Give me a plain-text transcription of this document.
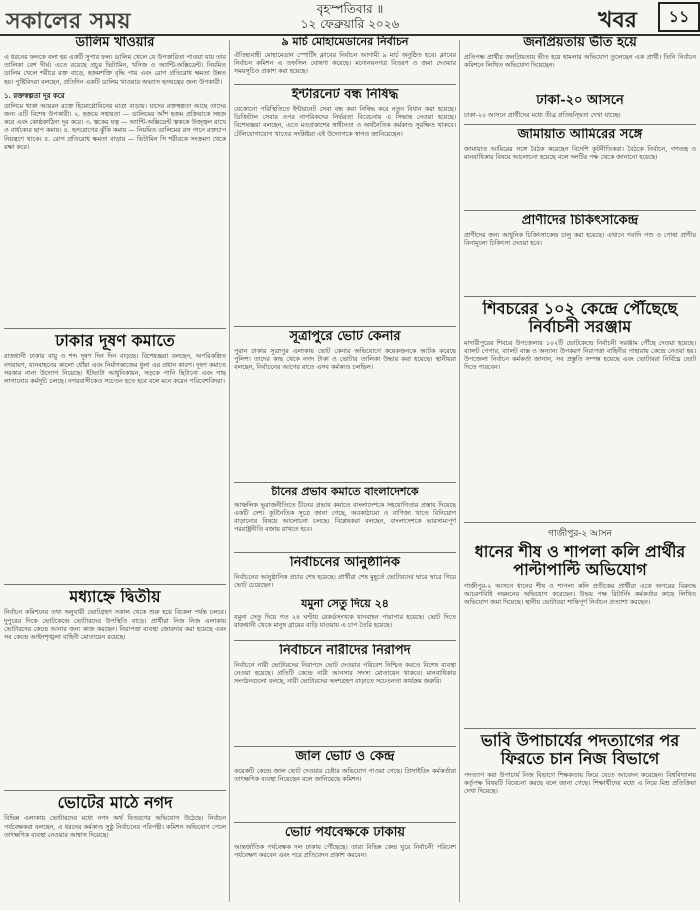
সকালের সময়	বৃহস্পতিবার ॥
১২ ফেব্রুয়ারি ২০২৬	খবর	১১
ডালিম খাওয়ার

এ ধরনের ফলকে বলা হয় একটি সুপার ফল। ডালিম খেলে যে উপকারিতা পাওয়া যায় তার তালিকা বেশ দীর্ঘ। এতে রয়েছে প্রচুর ভিটামিন, খনিজ ও অ্যান্টি-অক্সিডেন্ট। নিয়মিত ডালিম খেলে শরীরে রক্ত বাড়ে, হজমশক্তি বৃদ্ধি পায় এবং রোগ প্রতিরোধ ক্ষমতা উন্নত হয়। পুষ্টিবিদরা বলছেন, প্রতিদিন একটি ডালিম খাওয়ার অভ্যাস হৃদযন্ত্রের জন্য উপকারী।

১. রক্তস্বল্পতা দূর করে

ডালিমে থাকা আয়রন রক্তে হিমোগ্লোবিনের মাত্রা বাড়ায়। যাদের রক্তস্বল্পতা আছে তাদের জন্য এটি বিশেষ উপকারী। ২. হজমে সহায়তা — ডালিমের আঁশ হজম প্রক্রিয়াকে সহজ করে এবং কোষ্ঠকাঠিন্য দূর করে। ৩. ত্বকের যত্ন — অ্যান্টি-অক্সিডেন্ট ত্বককে উজ্জ্বল রাখে ও বার্ধক্যের ছাপ কমায়। ৪. হৃদরোগের ঝুঁকি কমায় — নিয়মিত ডালিমের রস পানে রক্তচাপ নিয়ন্ত্রণে থাকে। ৫. রোগ প্রতিরোধ ক্ষমতা বাড়ায় — ভিটামিন সি শরীরকে সংক্রমণ থেকে রক্ষা করে।

ঢাকার দূষণ কমাতে

রাজধানী ঢাকার বায়ু ও শব্দ দূষণ দিন দিন বাড়ছে। বিশেষজ্ঞরা বলছেন, অপরিকল্পিত নগরায়ণ, যানবাহনের কালো ধোঁয়া এবং নির্মাণকাজের ধুলা এর প্রধান কারণ। দূষণ কমাতে সরকার নানা উদ্যোগ নিয়েছে। ইটভাটা আধুনিকায়ন, সড়কে পানি ছিটানো এবং গাছ লাগানোর কর্মসূচি চলছে। নগরবাসীকেও সচেতন হতে হবে বলে মনে করেন পরিবেশবিদরা।

মধ্যাহ্নে দ্বিতীয়

নির্বাচন কমিশনের তথ্য অনুযায়ী ভোটগ্রহণ সকাল থেকে শুরু হয়ে বিকেল পর্যন্ত চলবে। দুপুরের দিকে ভোটকেন্দ্রে ভোটারদের উপস্থিতি বাড়ে। প্রার্থীরা নিজ নিজ এলাকায় ভোটারদের কেন্দ্রে আনার জন্য কাজ করছেন। নিরাপত্তা ব্যবস্থা জোরদার করা হয়েছে এবং সব কেন্দ্রে আইনশৃঙ্খলা বাহিনী মোতায়েন রয়েছে।

ভোটের মাঠে নগদ

বিভিন্ন এলাকায় ভোটারদের মধ্যে নগদ অর্থ বিতরণের অভিযোগ উঠেছে। নির্বাচন পর্যবেক্ষকরা বলছেন, এ ধরনের কর্মকাণ্ড সুষ্ঠু নির্বাচনের পরিপন্থী। কমিশন অভিযোগ পেলে তাৎক্ষণিক ব্যবস্থা নেওয়ার আশ্বাস দিয়েছে।

৯ মার্চ মোহামেডানের নির্বাচন

ঐতিহ্যবাহী মোহামেডান স্পোর্টিং ক্লাবের নির্বাচন আগামী ৯ মার্চ অনুষ্ঠিত হবে। ক্লাবের নির্বাচন কমিশন এ তফসিল ঘোষণা করেছে। মনোনয়নপত্র বিতরণ ও জমা দেওয়ার সময়সূচিও প্রকাশ করা হয়েছে।

ইন্টারনেট বন্ধ নিষিদ্ধ

যেকোনো পরিস্থিতিতে ইন্টারনেট সেবা বন্ধ করা নিষিদ্ধ করে নতুন বিধান করা হয়েছে। ডিজিটাল সেবার ওপর নাগরিকদের নির্ভরতা বিবেচনায় এ সিদ্ধান্ত নেওয়া হয়েছে। বিশেষজ্ঞরা বলছেন, এতে মতপ্রকাশের স্বাধীনতা ও অর্থনৈতিক কর্মকাণ্ড সুরক্ষিত থাকবে। টেলিযোগাযোগ খাতের সংশ্লিষ্টরা এই উদ্যোগকে স্বাগত জানিয়েছেন।

সূত্রাপুরে ভোট কেনার

পুরান ঢাকার সূত্রাপুর এলাকায় ভোট কেনার অভিযোগে কয়েকজনকে আটক করেছে পুলিশ। তাদের কাছ থেকে নগদ টাকা ও ভোটার তালিকা উদ্ধার করা হয়েছে। স্থানীয়রা বলছেন, নির্বাচনের আগের রাতে এসব কর্মকাণ্ড চলছিল।

চীনের প্রভাব কমাতে বাংলাদেশকে

আঞ্চলিক ভূরাজনীতিতে চীনের প্রভাব কমাতে বাংলাদেশকে সহযোগিতার প্রস্তাব দিয়েছে একটি দেশ। কূটনৈতিক সূত্রে জানা গেছে, অবকাঠামো ও বাণিজ্য খাতে বিনিয়োগ বাড়ানোর বিষয়ে আলোচনা চলছে। বিশ্লেষকরা বলছেন, বাংলাদেশকে ভারসাম্যপূর্ণ পররাষ্ট্রনীতি বজায় রাখতে হবে।

নির্বাচনের আনুষ্ঠানিক

নির্বাচনের আনুষ্ঠানিক প্রচার শেষ হয়েছে। প্রার্থীরা শেষ মুহূর্তে ভোটারদের দ্বারে দ্বারে গিয়ে ভোট চেয়েছেন।

যমুনা সেতু দিয়ে ২৪

যমুনা সেতু দিয়ে গত ২৪ ঘণ্টায় রেকর্ডসংখ্যক যানবাহন পারাপার হয়েছে। ভোট দিতে রাজধানী থেকে মানুষ গ্রামের বাড়ি যাওয়ায় এ চাপ তৈরি হয়েছে।

নির্বাচনে নারীদের নিরাপদ

নির্বাচনে নারী ভোটারদের নিরাপদে ভোট দেওয়ার পরিবেশ নিশ্চিত করতে বিশেষ ব্যবস্থা নেওয়া হয়েছে। প্রতিটি কেন্দ্রে নারী আনসার সদস্য মোতায়েন থাকবে। মানবাধিকার সংগঠনগুলো বলছে, নারী ভোটারদের অংশগ্রহণ বাড়াতে সচেতনতা কার্যক্রম জরুরি।

জাল ভোট ও কেন্দ্র

কয়েকটি কেন্দ্রে জাল ভোট দেওয়ার চেষ্টার অভিযোগ পাওয়া গেছে। প্রিসাইডিং কর্মকর্তারা তাৎক্ষণিক ব্যবস্থা নিয়েছেন বলে জানিয়েছে কমিশন।

ভোট পর্যবেক্ষকে ঢাকায়

আন্তর্জাতিক পর্যবেক্ষক দল ঢাকায় পৌঁছেছে। তারা বিভিন্ন কেন্দ্র ঘুরে নির্বাচনী পরিবেশ পর্যবেক্ষণ করবেন এবং পরে প্রতিবেদন প্রকাশ করবেন।

জনপ্রিয়তায় ভীত হয়ে

প্রতিপক্ষ প্রার্থীর জনপ্রিয়তায় ভীত হয়ে হামলার অভিযোগ তুলেছেন এক প্রার্থী। তিনি নির্বাচন কমিশনে লিখিত অভিযোগ দিয়েছেন।

ঢাকা-২০ আসনে

ঢাকা-২০ আসনে প্রার্থীদের মধ্যে তীব্র প্রতিদ্বন্দ্বিতা দেখা যাচ্ছে।

জামায়াত আমিরের সঙ্গে

জামায়াত আমিরের সঙ্গে বৈঠক করেছেন বিদেশি কূটনীতিকরা। বৈঠকে নির্বাচন, গণতন্ত্র ও মানবাধিকার বিষয়ে আলোচনা হয়েছে বলে দলটির পক্ষ থেকে জানানো হয়েছে।

প্রাণীদের চিকিৎসাকেন্দ্র

প্রাণীদের জন্য আধুনিক চিকিৎসাকেন্দ্র চালু করা হয়েছে। এখানে গবাদি পশু ও পোষা প্রাণীর বিনামূল্যে চিকিৎসা দেওয়া হবে।

শিবচরের ১০২ কেন্দ্রে পৌঁছেছে নির্বাচনী সরঞ্জাম

মাদারীপুরের শিবচর উপজেলার ১০২টি ভোটকেন্দ্রে নির্বাচনী সরঞ্জাম পৌঁছে দেওয়া হয়েছে। ব্যালট পেপার, ব্যালট বাক্স ও অন্যান্য উপকরণ নিরাপত্তা বাহিনীর পাহারায় কেন্দ্রে নেওয়া হয়। উপজেলা নির্বাচন কর্মকর্তা জানান, সব প্রস্তুতি সম্পন্ন হয়েছে এবং ভোটাররা নির্বিঘ্নে ভোট দিতে পারবেন।

গাজীপুর-২ আসন
ধানের শীষ ও শাপলা কলি প্রার্থীর পাল্টাপাল্টি অভিযোগ

গাজীপুর-২ আসনে ধানের শীষ ও শাপলা কলি প্রতীকের প্রার্থীরা একে অপরের বিরুদ্ধে আচরণবিধি লঙ্ঘনের অভিযোগ করেছেন। উভয় পক্ষ রিটার্নিং কর্মকর্তার কাছে লিখিত অভিযোগ জমা দিয়েছে। স্থানীয় ভোটাররা শান্তিপূর্ণ নির্বাচন প্রত্যাশা করছেন।

ভাবি উপাচার্যের পদত্যাগের পর ফিরতে চান নিজ বিভাগে

পদত্যাগ করা উপাচার্য নিজ বিভাগে শিক্ষকতায় ফিরে যেতে আবেদন করেছেন। বিশ্ববিদ্যালয় কর্তৃপক্ষ বিষয়টি বিবেচনা করছে বলে জানা গেছে। শিক্ষার্থীদের মধ্যে এ নিয়ে মিশ্র প্রতিক্রিয়া দেখা দিয়েছে।
